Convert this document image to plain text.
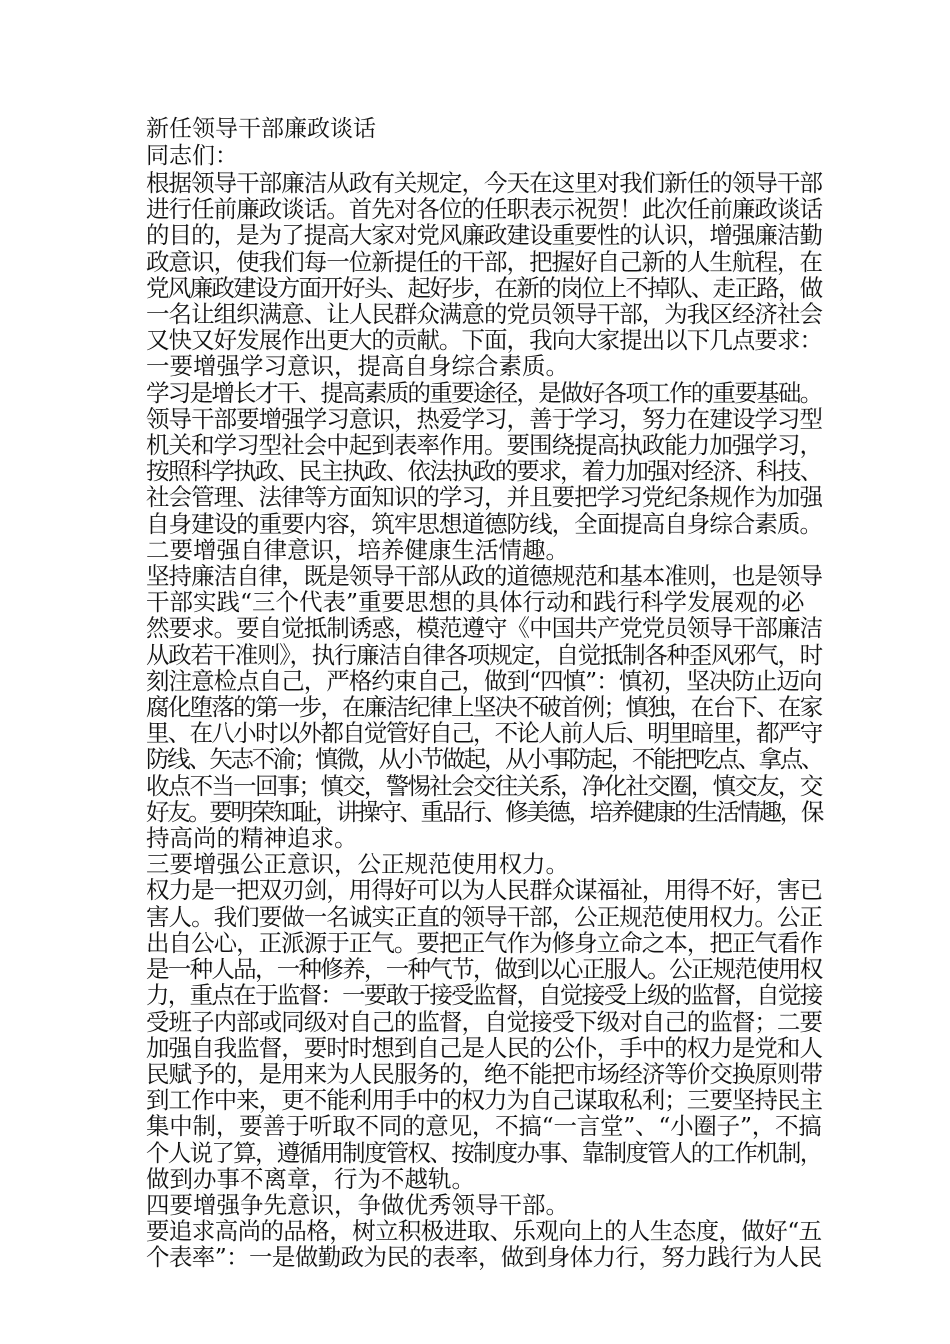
新任领导干部廉政谈话

同志们：

根据领导干部廉洁从政有关规定，今天在这里对我们新任的领导干部

进行任前廉政谈话。首先对各位的任职表示祝贺！此次任前廉政谈话

的目的，是为了提高大家对党风廉政建设重要性的认识，增强廉洁勤

政意识，使我们每一位新提任的干部，把握好自己新的人生航程，在

党风廉政建设方面开好头、起好步，在新的岗位上不掉队、走正路，做

一名让组织满意、让人民群众满意的党员领导干部，为我区经济社会

又快又好发展作出更大的贡献。下面，我向大家提出以下几点要求：

一要增强学习意识，提高自身综合素质。

学习是增长才干、提高素质的重要途径，是做好各项工作的重要基础。

领导干部要增强学习意识，热爱学习，善于学习，努力在建设学习型

机关和学习型社会中起到表率作用。要围绕提高执政能力加强学习，

按照科学执政、民主执政、依法执政的要求，着力加强对经济、科技、

社会管理、法律等方面知识的学习，并且要把学习党纪条规作为加强

自身建设的重要内容，筑牢思想道德防线，全面提高自身综合素质。

二要增强自律意识，培养健康生活情趣。

坚持廉洁自律，既是领导干部从政的道德规范和基本准则，也是领导

干部实践“三个代表”重要思想的具体行动和践行科学发展观的必

然要求。要自觉抵制诱惑，模范遵守《中国共产党党员领导干部廉洁

从政若干准则》，执行廉洁自律各项规定，自觉抵制各种歪风邪气，时

刻注意检点自己，严格约束自己，做到“四慎”：慎初，坚决防止迈向

腐化堕落的第一步，在廉洁纪律上坚决不破首例；慎独，在台下、在家

里、在八小时以外都自觉管好自己，不论人前人后、明里暗里，都严守

防线、矢志不渝；慎微，从小节做起，从小事防起，不能把吃点、拿点、

收点不当一回事；慎交，警惕社会交往关系，净化社交圈，慎交友，交

好友。要明荣知耻，讲操守、重品行、修美德，培养健康的生活情趣，保

持高尚的精神追求。

三要增强公正意识，公正规范使用权力。

权力是一把双刃剑，用得好可以为人民群众谋福祉，用得不好，害已

害人。我们要做一名诚实正直的领导干部，公正规范使用权力。公正

出自公心，正派源于正气。要把正气作为修身立命之本，把正气看作

是一种人品，一种修养，一种气节，做到以心正服人。公正规范使用权

力，重点在于监督：一要敢于接受监督，自觉接受上级的监督，自觉接

受班子内部或同级对自己的监督，自觉接受下级对自己的监督；二要

加强自我监督，要时时想到自己是人民的公仆，手中的权力是党和人

民赋予的，是用来为人民服务的，绝不能把市场经济等价交换原则带

到工作中来，更不能利用手中的权力为自己谋取私利；三要坚持民主

集中制，要善于听取不同的意见，不搞“一言堂”、“小圈子”，不搞

个人说了算，遵循用制度管权、按制度办事、靠制度管人的工作机制，

做到办事不离章，行为不越轨。

四要增强争先意识，争做优秀领导干部。

要追求高尚的品格，树立积极进取、乐观向上的人生态度，做好“五

个表率”：一是做勤政为民的表率，做到身体力行，努力践行为人民
